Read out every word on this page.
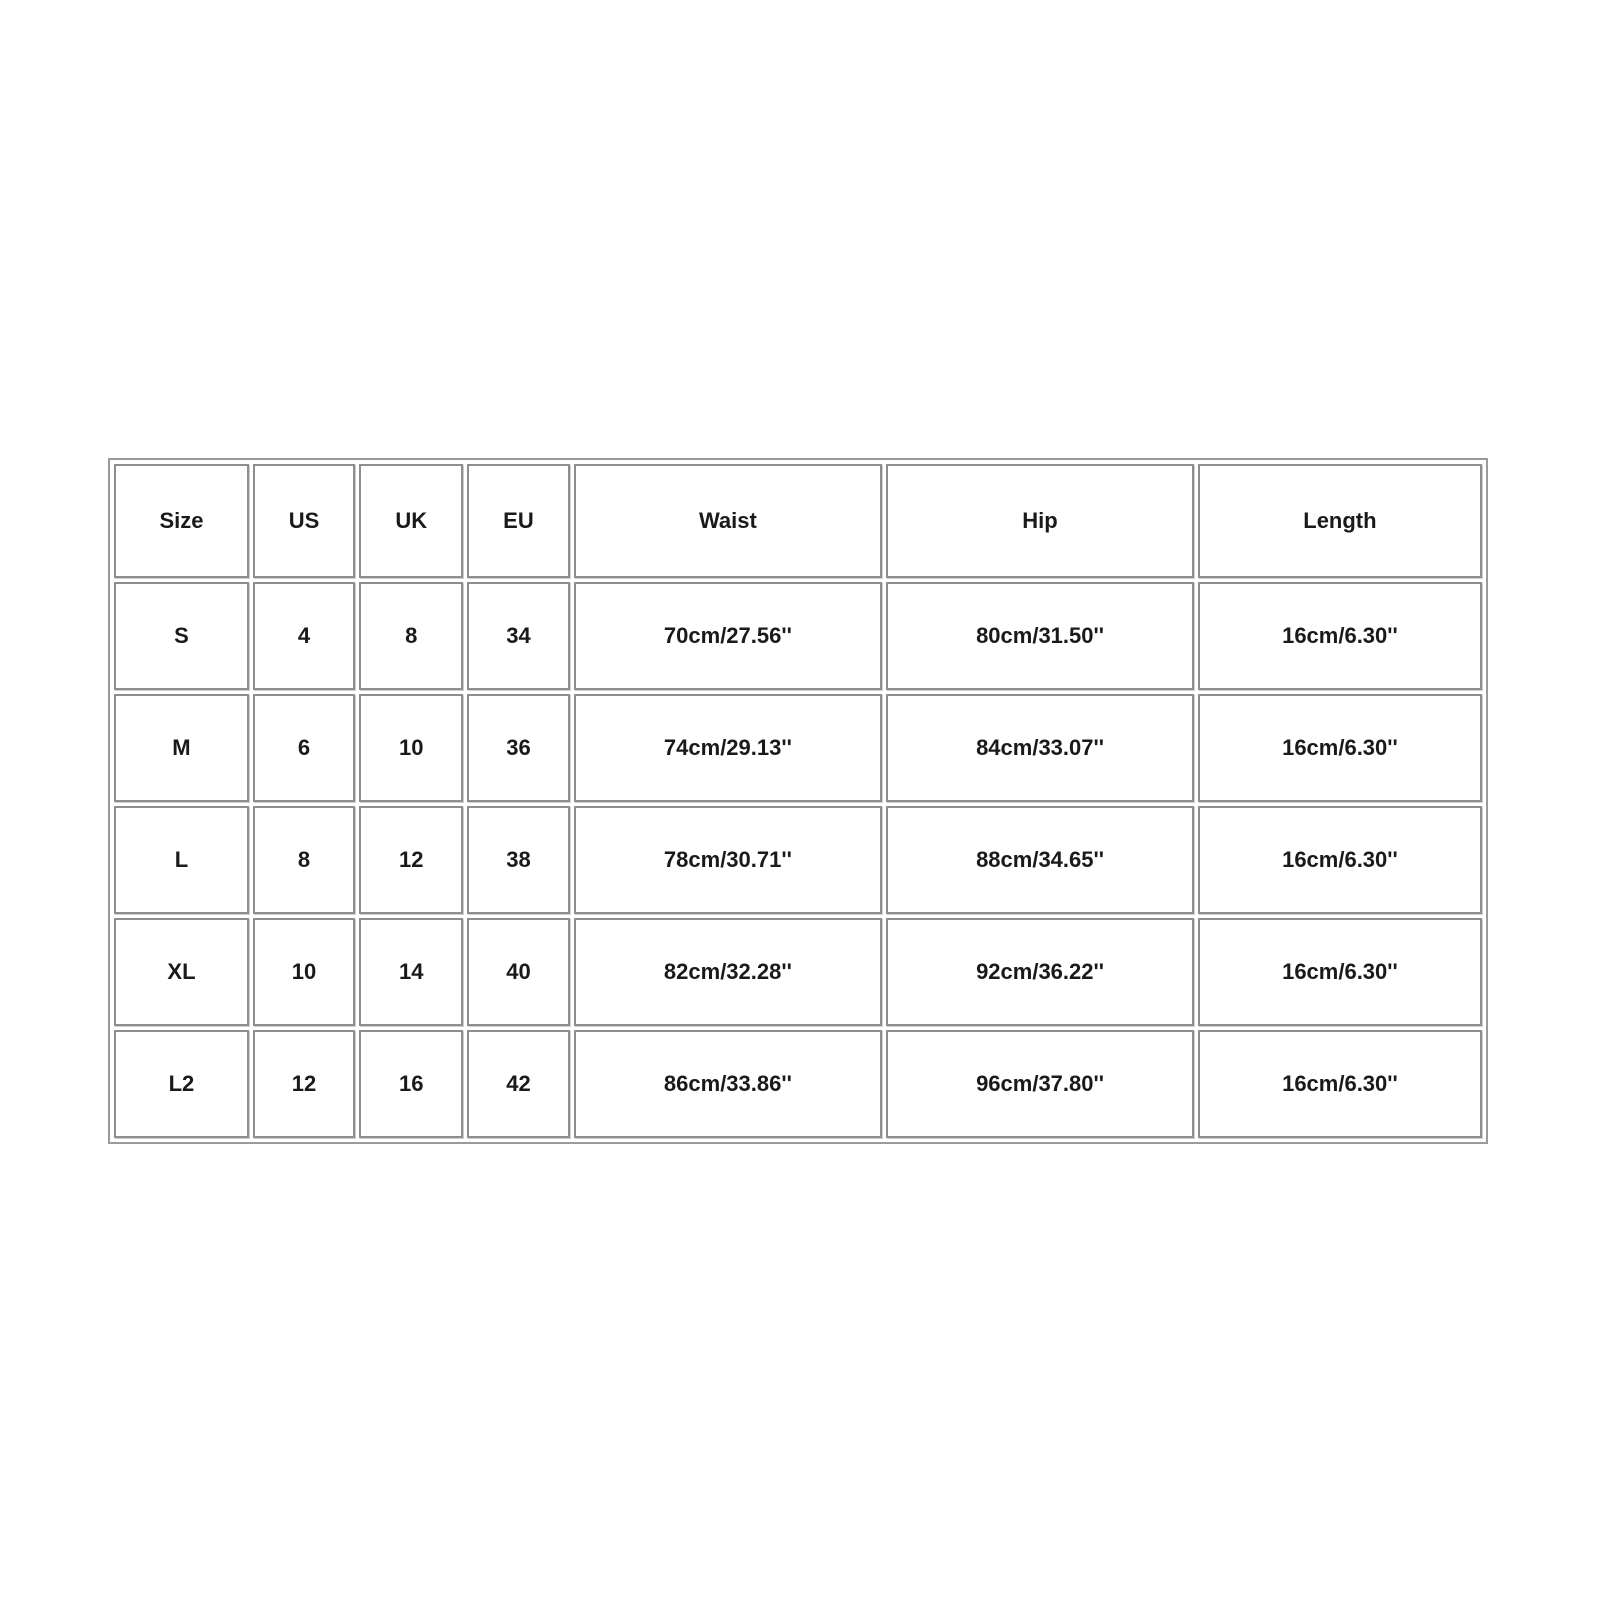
Size	US	UK	EU	Waist	Hip	Length
S	4	8	34	70cm/27.56''	80cm/31.50''	16cm/6.30''
M	6	10	36	74cm/29.13''	84cm/33.07''	16cm/6.30''
L	8	12	38	78cm/30.71''	88cm/34.65''	16cm/6.30''
XL	10	14	40	82cm/32.28''	92cm/36.22''	16cm/6.30''
L2	12	16	42	86cm/33.86''	96cm/37.80''	16cm/6.30''
